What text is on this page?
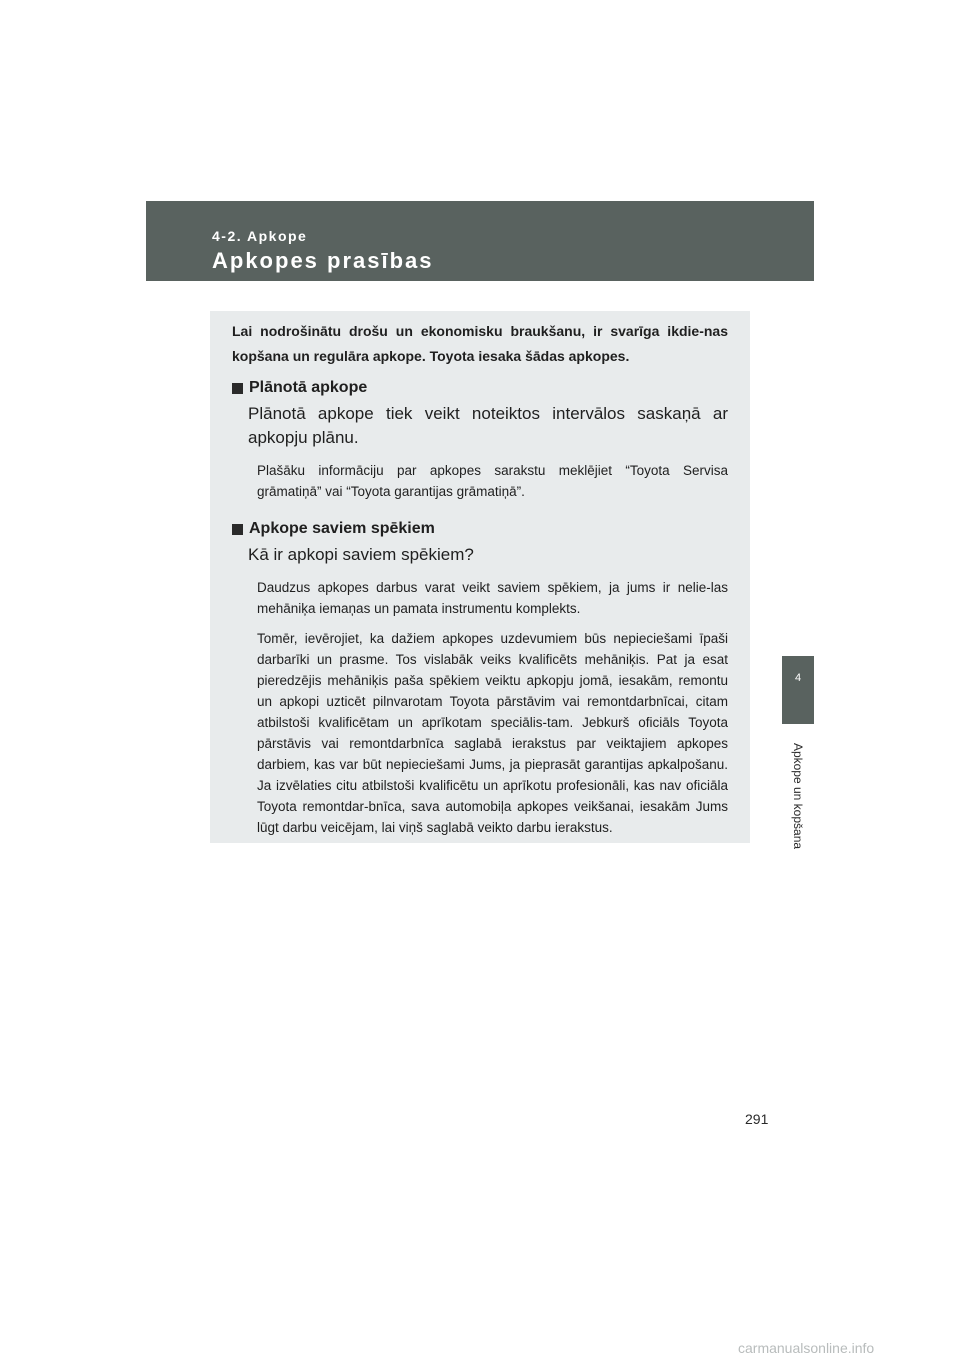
4-2. Apkope
Apkopes prasības

Lai nodrošinātu drošu un ekonomisku braukšanu, ir svarīga ikdie-nas kopšana un regulāra apkope. Toyota iesaka šādas apkopes.

Plānotā apkope

Plānotā apkope tiek veikt noteiktos intervālos saskaņā ar apkopju plānu.

Plašāku informāciju par apkopes sarakstu meklējiet “Toyota Servisa grāmatiņā” vai “Toyota garantijas grāmatiņā”.

Apkope saviem spēkiem

Kā ir apkopi saviem spēkiem?

Daudzus apkopes darbus varat veikt saviem spēkiem, ja jums ir nelie-las mehāniķa iemaņas un pamata instrumentu komplekts.

Tomēr, ievērojiet, ka dažiem apkopes uzdevumiem būs nepieciešami īpaši darbarīki un prasme. Tos vislabāk veiks kvalificēts mehāniķis. Pat ja esat pieredzējis mehāniķis paša spēkiem veiktu apkopju jomā, iesakām, remontu un apkopi uzticēt pilnvarotam Toyota pārstāvim vai remontdarbnīcai, citam atbilstoši kvalificētam un aprīkotam speciālis-tam. Jebkurš oficiāls Toyota pārstāvis vai remontdarbnīca saglabā ierakstus par veiktajiem apkopes darbiem, kas var būt nepieciešami Jums, ja pieprasāt garantijas apkalpošanu. Ja izvēlaties citu atbilstoši kvalificētu un aprīkotu profesionāli, kas nav oficiāla Toyota remontdar-bnīca, sava automobiļa apkopes veikšanai, iesakām Jums lūgt darbu veicējam, lai viņš saglabā veikto darbu ierakstus.

4
Apkope un kopšana
291
carmanualsonline.info
